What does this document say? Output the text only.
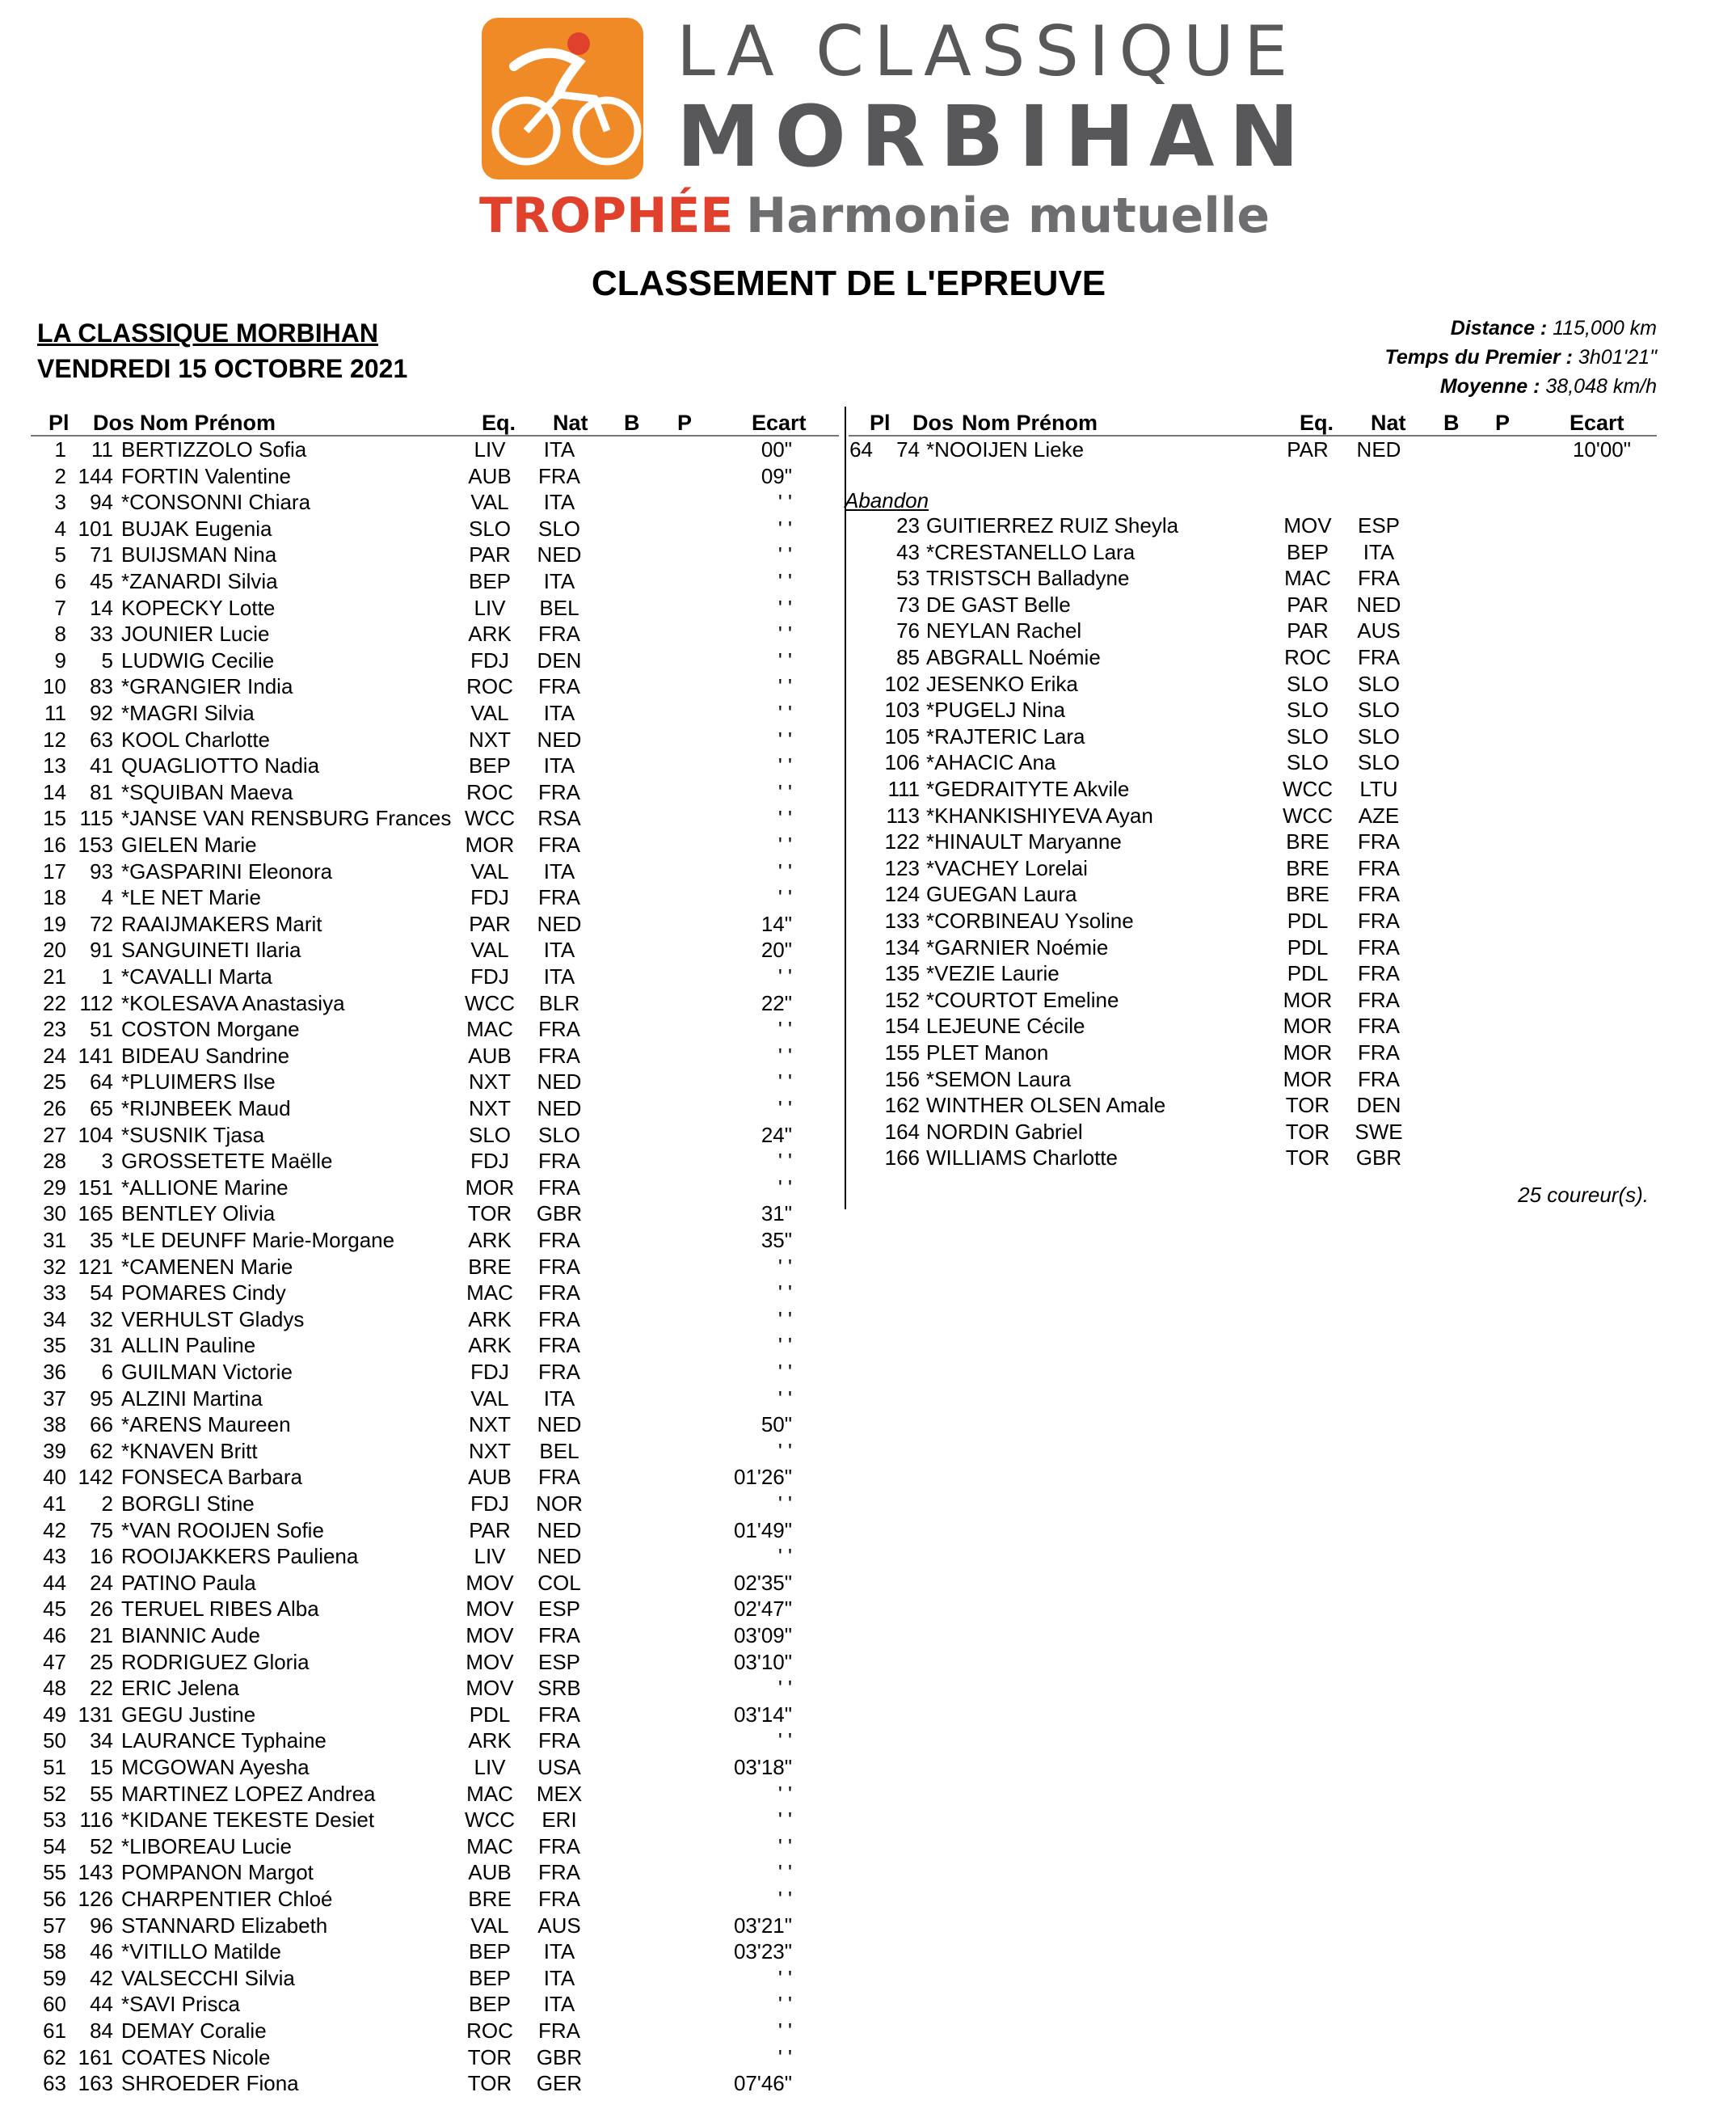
LA CLASSIQUE
MORBIHAN
TROPHÉE Harmonie mutuelle
CLASSEMENT DE L'EPREUVE
LA CLASSIQUE MORBIHAN
VENDREDI 15 OCTOBRE 2021
Distance : 115,000 km
Temps du Premier : 3h01'21"
Moyenne : 38,048 km/h
Pl Dos Nom Prénom	Eq. Nat B P	Ecart	Pl Dos Nom Prénom	Eq. Nat B P	Ecart
1	11 BERTIZZOLO Sofia	LIV	ITA	00"
2 144 FORTIN Valentine	AUB	FRA	09"
3	94 *CONSONNI Chiara	VAL	ITA	' '
4 101 BUJAK Eugenia	SLO	SLO	' '
5	71 BUIJSMAN Nina	PAR	NED	' '
6	45 *ZANARDI Silvia	BEP	ITA	' '
7	14 KOPECKY Lotte	LIV	BEL	' '
8	33 JOUNIER Lucie	ARK	FRA	' '
9	5 LUDWIG Cecilie	FDJ	DEN	' '
10	83 *GRANGIER India	ROC	FRA	' '
11	92 *MAGRI Silvia	VAL	ITA	' '
12	63 KOOL Charlotte	NXT	NED	' '
13	41 QUAGLIOTTO Nadia	BEP	ITA	' '
14	81 *SQUIBAN Maeva	ROC	FRA	' '
15 115 *JANSE VAN RENSBURG Frances WCC	RSA	' '
16 153 GIELEN Marie	MOR	FRA	' '
17	93 *GASPARINI Eleonora	VAL	ITA	' '
18	4 *LE NET Marie	FDJ	FRA	' '
19	72 RAAIJMAKERS Marit	PAR	NED	14"
20	91 SANGUINETI Ilaria	VAL	ITA	20"
21	1 *CAVALLI Marta	FDJ	ITA	' '
22 112 *KOLESAVA Anastasiya	WCC	BLR	22"
23	51 COSTON Morgane	MAC	FRA	' '
24 141 BIDEAU Sandrine	AUB	FRA	' '
25	64 *PLUIMERS Ilse	NXT	NED	' '
26	65 *RIJNBEEK Maud	NXT	NED	' '
27 104 *SUSNIK Tjasa	SLO	SLO	24"
28	3 GROSSETETE Maëlle	FDJ	FRA	' '
29 151 *ALLIONE Marine	MOR	FRA	' '
30 165 BENTLEY Olivia	TOR	GBR	31"
31	35 *LE DEUNFF Marie-Morgane	ARK	FRA	35"
32 121 *CAMENEN Marie	BRE	FRA	' '
33	54 POMARES Cindy	MAC	FRA	' '
34	32 VERHULST Gladys	ARK	FRA	' '
35	31 ALLIN Pauline	ARK	FRA	' '
36	6 GUILMAN Victorie	FDJ	FRA	' '
37	95 ALZINI Martina	VAL	ITA	' '
38	66 *ARENS Maureen	NXT	NED	50"
39	62 *KNAVEN Britt	NXT	BEL	' '
40 142 FONSECA Barbara	AUB	FRA	01'26"
41	2 BORGLI Stine	FDJ	NOR	' '
42	75 *VAN ROOIJEN Sofie	PAR	NED	01'49"
43	16 ROOIJAKKERS Pauliena	LIV	NED	' '
44	24 PATINO Paula	MOV	COL	02'35"
45	26 TERUEL RIBES Alba	MOV	ESP	02'47"
46	21 BIANNIC Aude	MOV	FRA	03'09"
47	25 RODRIGUEZ Gloria	MOV	ESP	03'10"
48	22 ERIC Jelena	MOV	SRB	' '
49 131 GEGU Justine	PDL	FRA	03'14"
50	34 LAURANCE Typhaine	ARK	FRA	' '
51	15 MCGOWAN Ayesha	LIV	USA	03'18"
52	55 MARTINEZ LOPEZ Andrea	MAC	MEX	' '
53 116 *KIDANE TEKESTE Desiet	WCC	ERI	' '
54	52 *LIBOREAU Lucie	MAC	FRA	' '
55 143 POMPANON Margot	AUB	FRA	' '
56 126 CHARPENTIER Chloé	BRE	FRA	' '
57	96 STANNARD Elizabeth	VAL	AUS	03'21"
58	46 *VITILLO Matilde	BEP	ITA	03'23"
59	42 VALSECCHI Silvia	BEP	ITA	' '
60	44 *SAVI Prisca	BEP	ITA	' '
61	84 DEMAY Coralie	ROC	FRA	' '
62 161 COATES Nicole	TOR	GBR	' '
63 163 SHROEDER Fiona	TOR	GER	07'46"
64	74 *NOOIJEN Lieke	PAR	NED	10'00"
Abandon
23 GUITIERREZ RUIZ Sheyla	MOV	ESP
43 *CRESTANELLO Lara	BEP	ITA
53 TRISTSCH Balladyne	MAC	FRA
73 DE GAST Belle	PAR	NED
76 NEYLAN Rachel	PAR	AUS
85 ABGRALL Noémie	ROC	FRA
102 JESENKO Erika	SLO	SLO
103 *PUGELJ Nina	SLO	SLO
105 *RAJTERIC Lara	SLO	SLO
106 *AHACIC Ana	SLO	SLO
111 *GEDRAITYTE Akvile	WCC	LTU
113 *KHANKISHIYEVA Ayan	WCC	AZE
122 *HINAULT Maryanne	BRE	FRA
123 *VACHEY Lorelai	BRE	FRA
124 GUEGAN Laura	BRE	FRA
133 *CORBINEAU Ysoline	PDL	FRA
134 *GARNIER Noémie	PDL	FRA
135 *VEZIE Laurie	PDL	FRA
152 *COURTOT Emeline	MOR	FRA
154 LEJEUNE Cécile	MOR	FRA
155 PLET Manon	MOR	FRA
156 *SEMON Laura	MOR	FRA
162 WINTHER OLSEN Amale	TOR	DEN
164 NORDIN Gabriel	TOR	SWE
166 WILLIAMS Charlotte	TOR	GBR
25 coureur(s).
